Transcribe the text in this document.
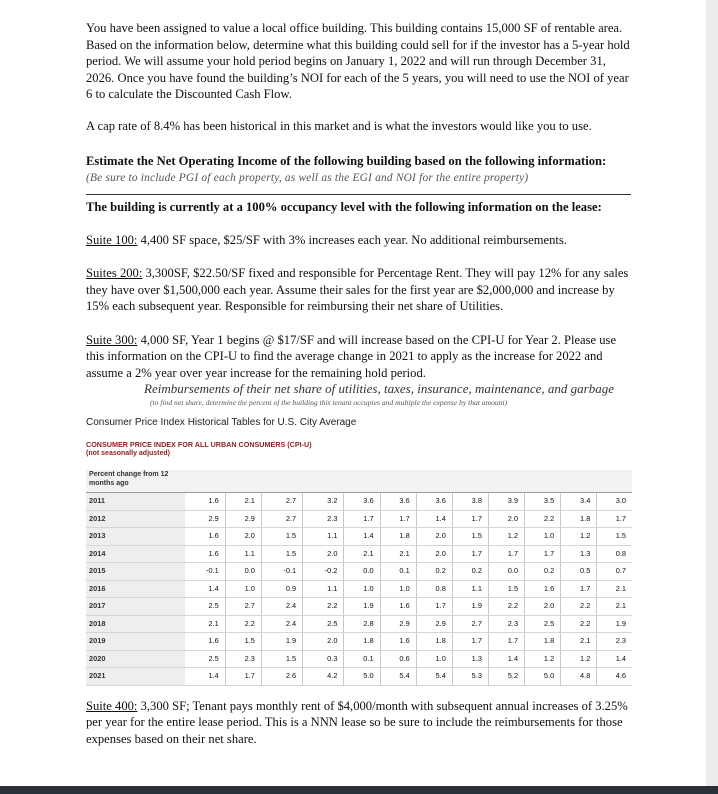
You have been assigned to value a local office building. This building contains 15,000 SF of rentable area. Based on the information below, determine what this building could sell for if the investor has a 5-year hold period. We will assume your hold period begins on January 1, 2022 and will run through December 31, 2026. Once you have found the building’s NOI for each of the 5 years, you will need to use the NOI of year 6 to calculate the Discounted Cash Flow.

A cap rate of 8.4% has been historical in this market and is what the investors would like you to use.

Estimate the Net Operating Income of the following building based on the following information:

(Be sure to include PGI of each property, as well as the EGI and NOI for the entire property)

The building is currently at a 100% occupancy level with the following information on the lease:

Suite 100: 4,400 SF space, $25/SF with 3% increases each year. No additional reimbursements.

Suites 200: 3,300SF, $22.50/SF fixed and responsible for Percentage Rent. They will pay 12% for any sales they have over $1,500,000 each year. Assume their sales for the first year are $2,000,000 and increase by 15% each subsequent year. Responsible for reimbursing their net share of Utilities.

Suite 300: 4,000 SF, Year 1 begins @ $17/SF and will increase based on the CPI-U for Year 2. Please use this information on the CPI-U to find the average change in 2021 to apply as the increase for 2022 and assume a 2% year over year increase for the remaining hold period.

Reimbursements of their net share of utilities, taxes, insurance, maintenance, and garbage

(to find net share, determine the percent of the building this tenant occupies and multiple the expense by that amount)

Consumer Price Index Historical Tables for U.S. City Average

CONSUMER PRICE INDEX FOR ALL URBAN CONSUMERS (CPI-U)

(not seasonally adjusted)

Percent change from 12 months ago												
2011	1.6	2.1	2.7	3.2	3.6	3.6	3.6	3.8	3.9	3.5	3.4	3.0
2012	2.9	2.9	2.7	2.3	1.7	1.7	1.4	1.7	2.0	2.2	1.8	1.7
2013	1.6	2.0	1.5	1.1	1.4	1.8	2.0	1.5	1.2	1.0	1.2	1.5
2014	1.6	1.1	1.5	2.0	2.1	2.1	2.0	1.7	1.7	1.7	1.3	0.8
2015	-0.1	0.0	-0.1	-0.2	0.0	0.1	0.2	0.2	0.0	0.2	0.5	0.7
2016	1.4	1.0	0.9	1.1	1.0	1.0	0.8	1.1	1.5	1.6	1.7	2.1
2017	2.5	2.7	2.4	2.2	1.9	1.6	1.7	1.9	2.2	2.0	2.2	2.1
2018	2.1	2.2	2.4	2.5	2.8	2.9	2.9	2.7	2.3	2.5	2.2	1.9
2019	1.6	1.5	1.9	2.0	1.8	1.6	1.8	1.7	1.7	1.8	2.1	2.3
2020	2.5	2.3	1.5	0.3	0.1	0.6	1.0	1.3	1.4	1.2	1.2	1.4
2021	1.4	1.7	2.6	4.2	5.0	5.4	5.4	5.3	5.2	5.0	4.8	4.6

Suite 400: 3,300 SF; Tenant pays monthly rent of $4,000/month with subsequent annual increases of 3.25% per year for the entire lease period. This is a NNN lease so be sure to include the reimbursements for those expenses based on their net share.
